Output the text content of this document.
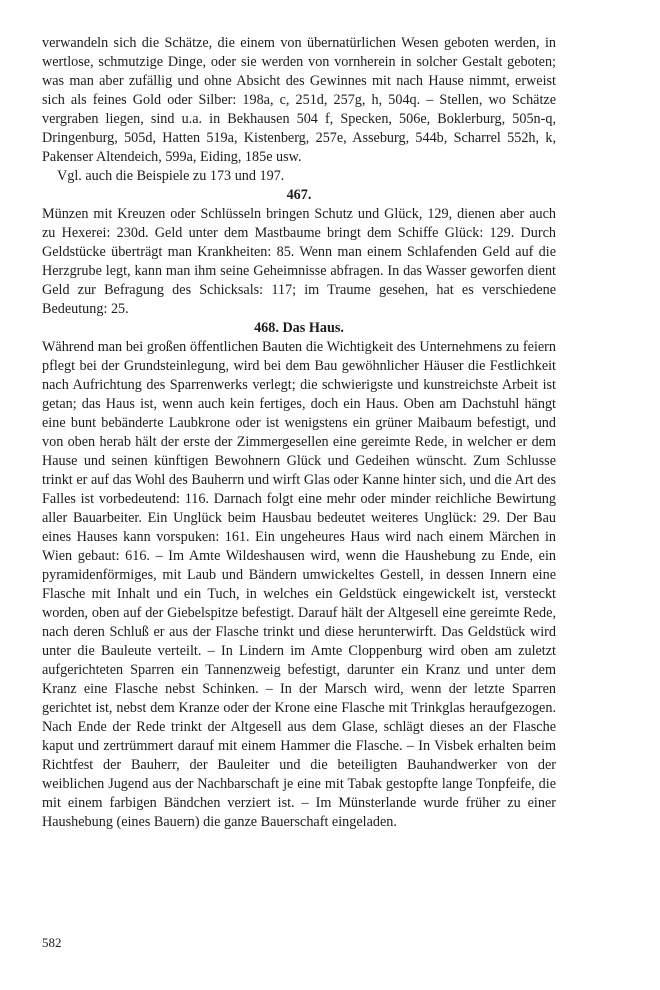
verwandeln sich die Schätze, die einem von übernatürlichen Wesen geboten werden, in wertlose, schmutzige Dinge, oder sie werden von vornherein in solcher Gestalt geboten; was man aber zufällig und ohne Absicht des Gewinnes mit nach Hause nimmt, erweist sich als feines Gold oder Silber: 198a, c, 251d, 257g, h, 504q. – Stellen, wo Schätze vergraben liegen, sind u.a. in Bekhausen 504 f, Specken, 506e, Boklerburg, 505n-q, Dringenburg, 505d, Hatten 519a, Kistenberg, 257e, Asseburg, 544b, Scharrel 552h, k, Pakenser Altendeich, 599a, Eiding, 185e usw.

Vgl. auch die Beispiele zu 173 und 197.

467.

Münzen mit Kreuzen oder Schlüsseln bringen Schutz und Glück, 129, dienen aber auch zu Hexerei: 230d. Geld unter dem Mastbaume bringt dem Schiffe Glück: 129. Durch Geldstücke überträgt man Krankheiten: 85. Wenn man einem Schlafenden Geld auf die Herzgrube legt, kann man ihm seine Geheimnisse abfragen. In das Wasser geworfen dient Geld zur Befragung des Schicksals: 117; im Traume gesehen, hat es verschiedene Bedeutung: 25.

468. Das Haus.

Während man bei großen öffentlichen Bauten die Wichtigkeit des Unternehmens zu feiern pflegt bei der Grundsteinlegung, wird bei dem Bau gewöhnlicher Häuser die Festlichkeit nach Aufrichtung des Sparrenwerks verlegt; die schwierigste und kunstreichste Arbeit ist getan; das Haus ist, wenn auch kein fertiges, doch ein Haus. Oben am Dachstuhl hängt eine bunt bebänderte Laubkrone oder ist wenigstens ein grüner Maibaum befestigt, und von oben herab hält der erste der Zimmergesellen eine gereimte Rede, in welcher er dem Hause und seinen künftigen Bewohnern Glück und Gedeihen wünscht. Zum Schlusse trinkt er auf das Wohl des Bauherrn und wirft Glas oder Kanne hinter sich, und die Art des Falles ist vorbedeutend: 116. Darnach folgt eine mehr oder minder reichliche Bewirtung aller Bauarbeiter. Ein Unglück beim Hausbau bedeutet weiteres Unglück: 29. Der Bau eines Hauses kann vorspuken: 161. Ein ungeheures Haus wird nach einem Märchen in Wien gebaut: 616. – Im Amte Wildeshausen wird, wenn die Haushebung zu Ende, ein pyramidenförmiges, mit Laub und Bändern umwickeltes Gestell, in dessen Innern eine Flasche mit Inhalt und ein Tuch, in welches ein Geldstück eingewickelt ist, versteckt worden, oben auf der Giebelspitze befestigt. Darauf hält der Altgesell eine gereimte Rede, nach deren Schluß er aus der Flasche trinkt und diese herunterwirft. Das Geldstück wird unter die Bauleute verteilt. – In Lindern im Amte Cloppenburg wird oben am zuletzt aufgerichteten Sparren ein Tannenzweig befestigt, darunter ein Kranz und unter dem Kranz eine Flasche nebst Schinken. – In der Marsch wird, wenn der letzte Sparren gerichtet ist, nebst dem Kranze oder der Krone eine Flasche mit Trinkglas heraufgezogen. Nach Ende der Rede trinkt der Altgesell aus dem Glase, schlägt dieses an der Flasche kaput und zertrümmert darauf mit einem Hammer die Flasche. – In Visbek erhalten beim Richtfest der Bauherr, der Bauleiter und die beteiligten Bauhandwerker von der weiblichen Jugend aus der Nachbarschaft je eine mit Tabak gestopfte lange Tonpfeife, die mit einem farbigen Bändchen verziert ist. – Im Münsterlande wurde früher zu einer Haushebung (eines Bauern) die ganze Bauerschaft eingeladen.

582
